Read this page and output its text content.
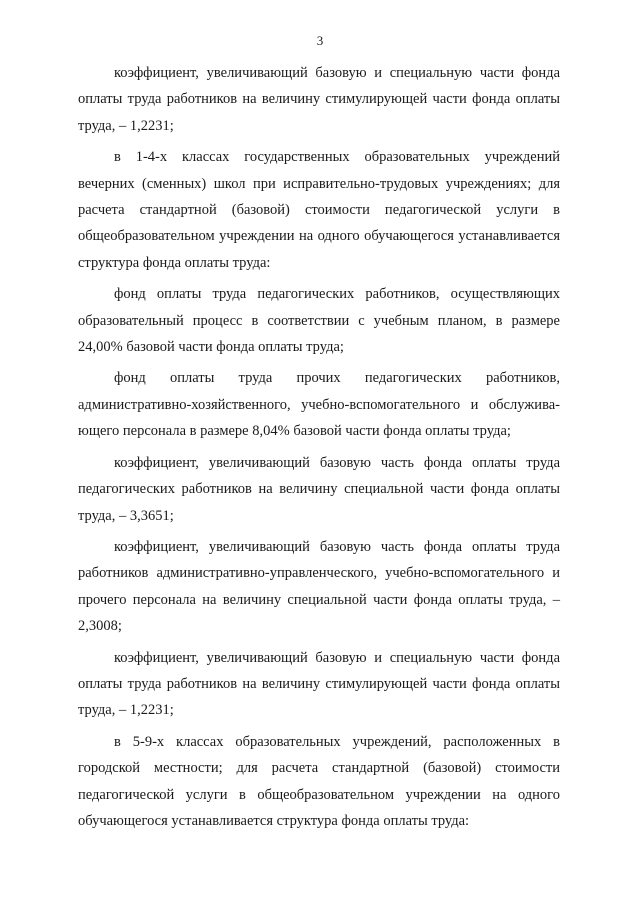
3

коэффициент, увеличивающий базовую и специальную части фонда оплаты труда работников на величину стимулирующей части фонда оплаты труда, – 1,2231;

в 1-4-х классах государственных образовательных учреждений вечерних (сменных) школ при исправительно-трудовых учреждениях; для расчета стандартной (базовой) стоимости педагогической услуги в общеобразовательном учреждении на одного обучающегося устанавливается структура фонда оплаты труда:

фонд оплаты труда педагогических работников, осуществляющих образовательный процесс в соответствии с учебным планом, в размере 24,00% базовой части фонда оплаты труда;

фонд оплаты труда прочих педагогических работников, административно-хозяйственного, учебно-вспомогательного и обслужива-ющего персонала в размере 8,04% базовой части фонда оплаты труда;

коэффициент, увеличивающий базовую часть фонда оплаты труда педагогических работников на величину специальной части фонда оплаты труда, – 3,3651;

коэффициент, увеличивающий базовую часть фонда оплаты труда работников административно-управленческого, учебно-вспомогательного и прочего персонала на величину специальной части фонда оплаты труда, – 2,3008;

коэффициент, увеличивающий базовую и специальную части фонда оплаты труда работников на величину стимулирующей части фонда оплаты труда, – 1,2231;

в 5-9-х классах образовательных учреждений, расположенных в городской местности; для расчета стандартной (базовой) стоимости педагогической услуги в общеобразовательном учреждении на одного обучающегося устанавливается структура фонда оплаты труда:
